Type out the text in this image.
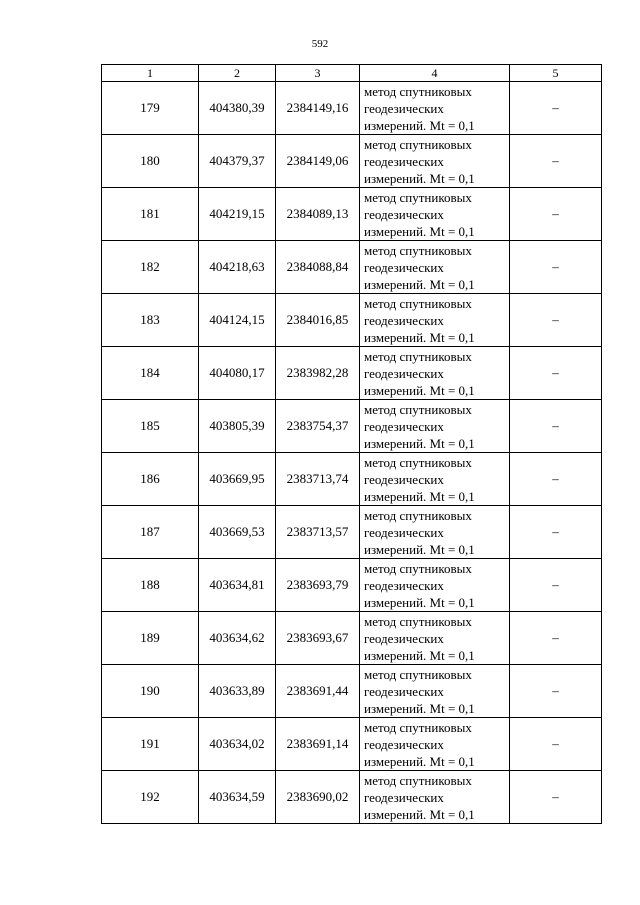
592
1	2	3	4	5
179	404380,39	2384149,16	метод спутниковых
геодезических
измерений. Mt = 0,1	–
180	404379,37	2384149,06	метод спутниковых
геодезических
измерений. Mt = 0,1	–
181	404219,15	2384089,13	метод спутниковых
геодезических
измерений. Mt = 0,1	–
182	404218,63	2384088,84	метод спутниковых
геодезических
измерений. Mt = 0,1	–
183	404124,15	2384016,85	метод спутниковых
геодезических
измерений. Mt = 0,1	–
184	404080,17	2383982,28	метод спутниковых
геодезических
измерений. Mt = 0,1	–
185	403805,39	2383754,37	метод спутниковых
геодезических
измерений. Mt = 0,1	–
186	403669,95	2383713,74	метод спутниковых
геодезических
измерений. Mt = 0,1	–
187	403669,53	2383713,57	метод спутниковых
геодезических
измерений. Mt = 0,1	–
188	403634,81	2383693,79	метод спутниковых
геодезических
измерений. Mt = 0,1	–
189	403634,62	2383693,67	метод спутниковых
геодезических
измерений. Mt = 0,1	–
190	403633,89	2383691,44	метод спутниковых
геодезических
измерений. Mt = 0,1	–
191	403634,02	2383691,14	метод спутниковых
геодезических
измерений. Mt = 0,1	–
192	403634,59	2383690,02	метод спутниковых
геодезических
измерений. Mt = 0,1	–
